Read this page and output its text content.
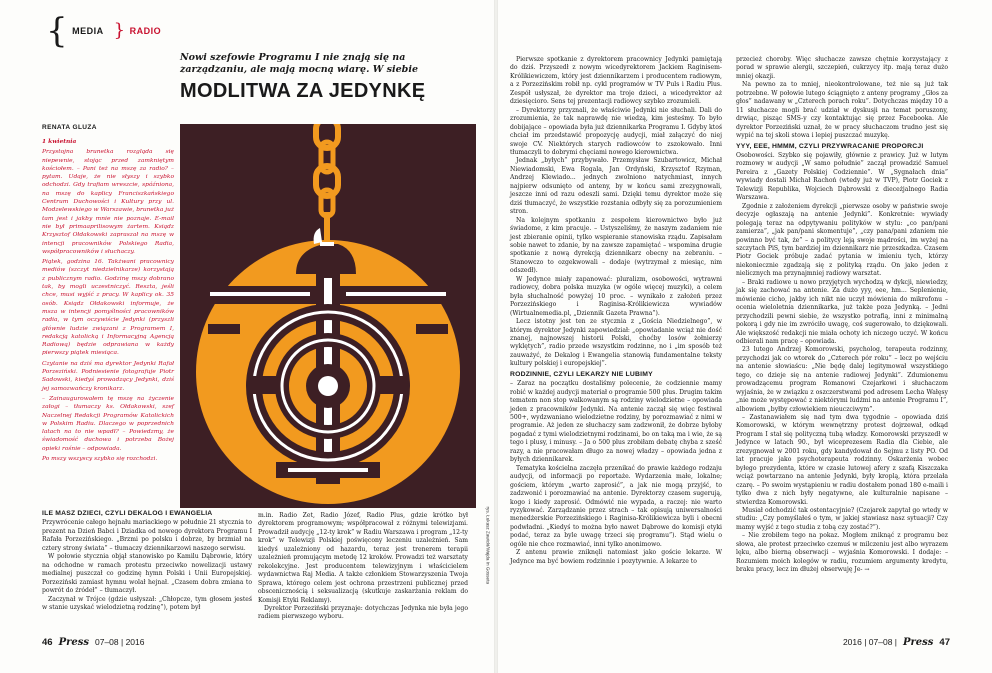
{ MEDIA } RADIO
Nowi szefowie Programu I nie znają się na zarządzaniu, ale mają mocną wiarę. W siebie
MODLITWA ZA JEDYNKĘ
RENATA GLUZA

1 kwietnia

Przystojna brunetka rozgląda się niepewnie, stojąc przed zamkniętym kościołem. – Pani też na mszę za radio? – pytam. Udaje, że nie słyszy i szybko odchodzi. Gdy trafiam wreszcie, spóźniona, na mszę do kaplicy Franciszkańskiego Centrum Duchowości i Kultury przy ul. Modzelewskiego w Warszawie, brunetka już tam jest i jakby mnie nie poznaje. E-mail nie był primaaprilisowym żartem. Ksiądz Krzysztof Ołdakowski zapraszał na mszę w intencji pracowników Polskiego Radia, współpracowników i słuchaczy.

Piątek, godzina 16. Takżwani pracownicy mediów (szczyt niedzielnikarze) korzystają z publicznym radio. Godzinę mszy dobrano tak, by mogli uczestniczyć. Reszta, jeśli chce, musi wyjść z pracy. W kaplicy ok. 35 osób. Ksiądz Ołdakowski informuje, że msza w intencji pomyślności pracowników radia, w tym oczywiście Jedynki (przyszli głównie ludzie związani z Programem I, redakcją katolicką i Informacyjną Agencją Radiową) będzie odprawiana w każdy pierwszy piątek miesiąca.

Czytanie na dziś ma dyrektor Jedynki Rafał Porzeziński. Podniesienie fotografuje Piotr Sadowski, kiedyś prowadzący Jedynki, dziś jej samozwańczy kronikarz.

– Zainaugurowałem tę mszę na życzenie załogi – tłumaczy ks. Ołdakowski, szef Naczelnej Redakcji Programów Katolickich w Polskim Radiu. Dlaczego w poprzednich latach na to nie wpadł? – Powiedzmy, że świadomość duchowa i potrzeba Bożej opieki rośnie – odpowiada.

Po mszy wszyscy szybko się rozchodzi.

ILE MASZ DZIECI, CZYLI DEKALOG I EWANGELIA

Przywrócenie całego hejnału mariackiego w południe 21 stycznia to prezent na Dzień Babci i Dziadka od nowego dyrektora Programu I Rafała Porzezińskiego. „Brzmi po polsku i dobrze, by brzmiał na cztery strony świata” – tłumaczy dziennikarzowi naszego serwisu.

W połowie stycznia objął stanowisko po Kamilu Dąbrowie, który na odchodne w ramach protestu przeciwko nowelizacji ustawy medialnej puszczał co godzinę hymn Polski i Unii Europejskiej. Porzeziński zamiast hymnu wolał hejnał. „Czasem dobra zmiana to powrót do źródeł” – tłumaczył.

Zaczynał w Trójce (gdzie usłyszał: „Chłopcze, tym głosem jesteś w stanie uzyskać wielodzietną rodzinę”), potem był

m.in. Radio Zet, Radio Józef, Radio Plus, gdzie krótko był dyrektorem programowym; współpracował z różnymi telewizjami. Prowadził audycję „12-ty krok” w Radiu Warszawa i program „12-ty krok” w Telewizji Polskiej poświęcony leczeniu uzależnień. Sam kiedyś uzależniony od hazardu, teraz jest trenerem terapii uzależnień promującym metodę 12 kroków. Prowadzi też warsztaty rekolekcyjne. Jest producentem telewizyjnym i właścicielem wydawnictwa Raj Media. A także członkiem Stowarzyszenia Twoja Sprawa, którego celem jest ochrona przestrzeni publicznej przed obscenicznością i seksualizacją (skutkuje zaskarżania reklam do Komisji Etyki Reklamy).

Dyrektor Porzeziński przyznaje: dotychczas Jedynka nie była jego radiem pierwszego wyboru.

rys. Łukasz Zawicki/Wajda In Gosseta
46 Press 07–08 | 2016

Pierwsze spotkanie z dyrektorem pracownicy Jedynki pamiętają do dziś. Przyszedł z nowym wicedyrektorem Jackiem Raginisem-Królikiewiczem, który jest dziennikarzem i producentem radiowym, a z Porzezińskim robił np. cykl programów w TV Puls i Radiu Plus. Zespół usłyszał, że dyrektor ma troje dzieci, a wicedyrektor aż dziesięcioro. Sens tej prezentacji radiowcy szybko zrozumieli.

– Dyrektorzy przyznali, że właściwie Jedynki nie słuchali. Dali do zrozumienia, że tak naprawdę nie wiedzą, kim jesteśmy. To było dobijające – opowiada była już dziennikarka Programu I. Gdyby ktoś chciał im przedstawić propozycję audycji, miał załączyć do niej swoje CV. Niektórych starych radiowców to zszokowało. Inni tłumaczyli to dobrymi chęciami nowego kierownictwa.

Jednak „byłych” przybywało. Przemysław Szubartowicz, Michał Niewiadomski, Ewa Rogala, Jan Ordyński, Krzysztof Rzyman, Andrzej Klewiado... jednych zwolniono natychmiast, innych najpierw odsunięto od anteny, by w końcu sami zrezygnowali, jeszcze inni od razu odeszli sami. Dzięki temu dyrektor może się dziś tłumaczyć, że wszystkie rozstania odbyły się za porozumieniem stron.

Na kolejnym spotkaniu z zespołem kierownictwo było już świadome, z kim pracuje. – Ustyszeliśmy, że naszym zadaniem nie jest zbieranie opinii, tylko wspieranie stanowiska rządu. Zapisałam sobie nawet to zdanie, by na zawsze zapamiętać – wspomina drugie spotkanie z nową dyrekcją dziennikarz obecny na zebraniu. – Stanowczo to ozgekwowali – dodaje (wytrzymał z miesiąc, nim odszedł).

W Jedynce miały zapanować: pluralizm, osobowości, wytrawni radiowcy, dobra polska muzyka (w ogóle więcej muzyki), a celem była słuchalność powyżej 10 proc. – wynikało z założeń przez Porzezińskiego i Raginisa-Królikiewicza wywiadów (Wirtualnemedia.pl, „Dziennik Gazeta Prawna”).

Lecz istotny jest ten ze stycznia z „Gościa Niedzielnego”, w którym dyrektor Jedynki zapowiedział: „opowiadanie wciąż nie dość znanej, najnowszej historii Polski, choćby losów żołnierzy wyklętych”, radio przede wszystkim rodzinne, no i „im sposób też zauważyć, że Dekalog i Ewangelia stanowią fundamentalne teksty kultury polskiej i europejskiej”.

RODZINNIE, CZYLI LEKARZY NIE LUBIMY

– Zaraz na początku dostaliśmy polecenie, że codziennie mamy robić w każdej audycji materiał o programie 500 plus. Drugim takim tematem non stop walkowanym są rodziny wielodzietne – opowiada jeden z pracowników Jedynki. Na antenie zaczął się więc festiwal 500+, wydzwaniano wielodzietne rodziny, by porozmawiać z nimi w programie. Aż jeden ze słuchaczy sam zadzwonił, że dobrze byłoby pogadać z tymi wielodzietnymi rodzinami, bo on taką ma i wie, że są tego i plusy, i minusy. – Ja o 500 plus zrobiłam debatę chyba z sześć razy, a nie pracowałam długo za nowej władzy – opowiada jedna z byłych dziennikarek.

Tematyka kościelna zaczęła przenikać do prawie każdego rodzaju audycji, od informacji po reportaże. Wydarzenia małe, lokalne; gościem, którym „warto zaprosić”, a jak nie mogą przyjść, to zadzwonić i porozmawiać na antenie. Dyrektorzy czasem sugerują, kogo i kiedy zaprosić. Odmówić nie wypada, a raczej: nie warto ryzykować. Zarządzanie przez strach – tak opisują uniwersalności menedżerskie Porzezińskiego i Raginisa-Królikiewicza byli i obecni podwładni. „Kiedyś to można było nawet Dąbrowe do komisji etyki podać, teraz za byle uwagę trzeci się programu”). Stąd wielu o ogóle nie chce rozmawiać, inni tylko anonimowo.

Z antenu prawie zniknęli natomiast jako goście lekarze. W Jedynce ma być bowiem rodzinnie i pozytywnie. A lekarze to

przecież choroby. Więc słuchacze zawsze chętnie korzystający z porad w sprawie alergii, szczepień, cukrzycy itp. mają teraz dużo mniej okazji.

Na pewno za to mniej, nieokontrolowane, też nie są już tak potrzebne. W połowie lutego ściągnięto z anteny programy „Głos za głos” nadawany w „Czterech porach roku”. Dotychczas między 10 a 11 słuchacze mogli brać udział w dyskusji na temat poruszony, drwiąc, pisząc SMS-y czy kontaktując się przez Facebooka. Ale dyrektor Porzeziński uznał, że w pracy słuchaczom trudno jest się wypić na tej skoli stowa i lepiej puszczać muzykę.

YYY, EEE, HMMM, CZYLI PRZYWRACANIE PROPORCJI

Osobowości. Szybko się pojawiły, głównie z prawicy. Już w lutym rozmowy w audycji „W samo południe” zaczął prowadzić Samuel Pereira z „Gazety Polskiej Codziennie”. W „Sygnałach dnia” wywiady dostali Michał Rachoń (wtedy już w TVP), Piotr Gociek z Telewizji Republika, Wojciech Dąbrowski z dieceżjalnego Radia Warszawa.

Zgodnie z założeniem dyrekcji „pierwsze osoby w państwie swoje decyzje ogłaszają na antenie Jedynki”. Konkretnie: wywiady polegają teraz na odpytywaniu polityków w stylu: „co pan/pani zamierza”, „jak pan/pani skomentuje”, „czy pana/pani zdaniem nie powinno być tak, że” – a politycy leją swoje mądrości, im wyżej na szczytach PiS, tym bardziej im dziennikarz nie przeszkadza. Czasem Piotr Gociek próbuje zadać pytania w imieniu tych, którzy niekoniecznie zgadzają się z polityką rządu. On jako jeden z nielicznych ma przynajmniej radiowy warsztat.

– Braki radiowe u nowo przyjętych wychodzą w dykcji, niewiedzy, jak się zachować na antenie. Za dużo yyy, eee, hm... Seplenienie, mówienie cicho, jakby ich nikt nie uczył mówienia do mikrofonu – ocenia wieloletnia dziennikarka, już także poza Jedynką. – Jedni przychodzili pewni siebie, że wszystko potrafią, inni z minimalną pokorą i gdy nie im zwróciło uwagę, coś sugerowało, to dziękowali. Ale większość redakcji nie miała ochoty ich niczego uczyć. W końcu odbierali nam pracę – opowiada.

23 lutego Andrzej Komorowski, psycholog, terapeuta rodzinny, przychodzi jak co wtorek do „Czterech pór roku” – lecz po wejściu na antenie słowiaścu: „Nie będę dalej legitymował wszystkiego tego, co dzieje się na antenie radiowej Jedynki”. Zdumionemu prowadzącemu program Romanowi Czejarkowi i słuchaczom wyjaśnia, że w związku z oszczerstwami pod adresem Lecha Wałęsy „nie może występować z niektórymi ludźmi na antenie Programu I”, albowiem „byłby człowiekiem nieuczciwym”.

– Zastanawiałem się nad tym dwa tygodnie – opowiada dziś Komorowski, w którym wewnętrzny protest dojrzewał, odkąd Program I stał się polityczną tubą władzy. Komorowski przyszedł w Jedynce w latach 90., był wiceprezesem Radia dla Ciebie, ale zrezygnował w 2001 roku, gdy kandydował do Sejmu z listy PO. Od lat pracuje jako psychoterapeuta rodzinny. Oskarżenia wobec byłego prezydenta, które w czasie lutowej afery z szafą Kiszczaka wciąż powtarzano na antenie Jedynki, były kroplą, która przelała czarę. – Po swoim wystąpieniu w radiu dostałem ponad 180 e-maili i tylko dwa z nich były negatywne, ale kulturalnie napisane – stwierdza Komorowski.

Musiał odchodzić tak ostentacyjnie? (Czejarek zapytał go wtedy w studiu: „Czy pomyślałeś o tym, w jakiej stawiasz nasz sytuacji? Czy mamy wyjść z tego studia z tobą czy zostać?”).

– Nie zrobiłem tego na pokaz. Mogłem zniknąć z programu bez słowa, ale protest przeciwko czemuś w milczeniu jest albo wyrazem lęku, albo bierną obserwacji – wyjaśnia Komorowski. I dodaje: – Rozumiem moich kolegów w radiu, rozumiem argumenty kredytu, braku pracy, lecz im dłużej obserwuję Je- →

2016 | 07–08 | Press 47
